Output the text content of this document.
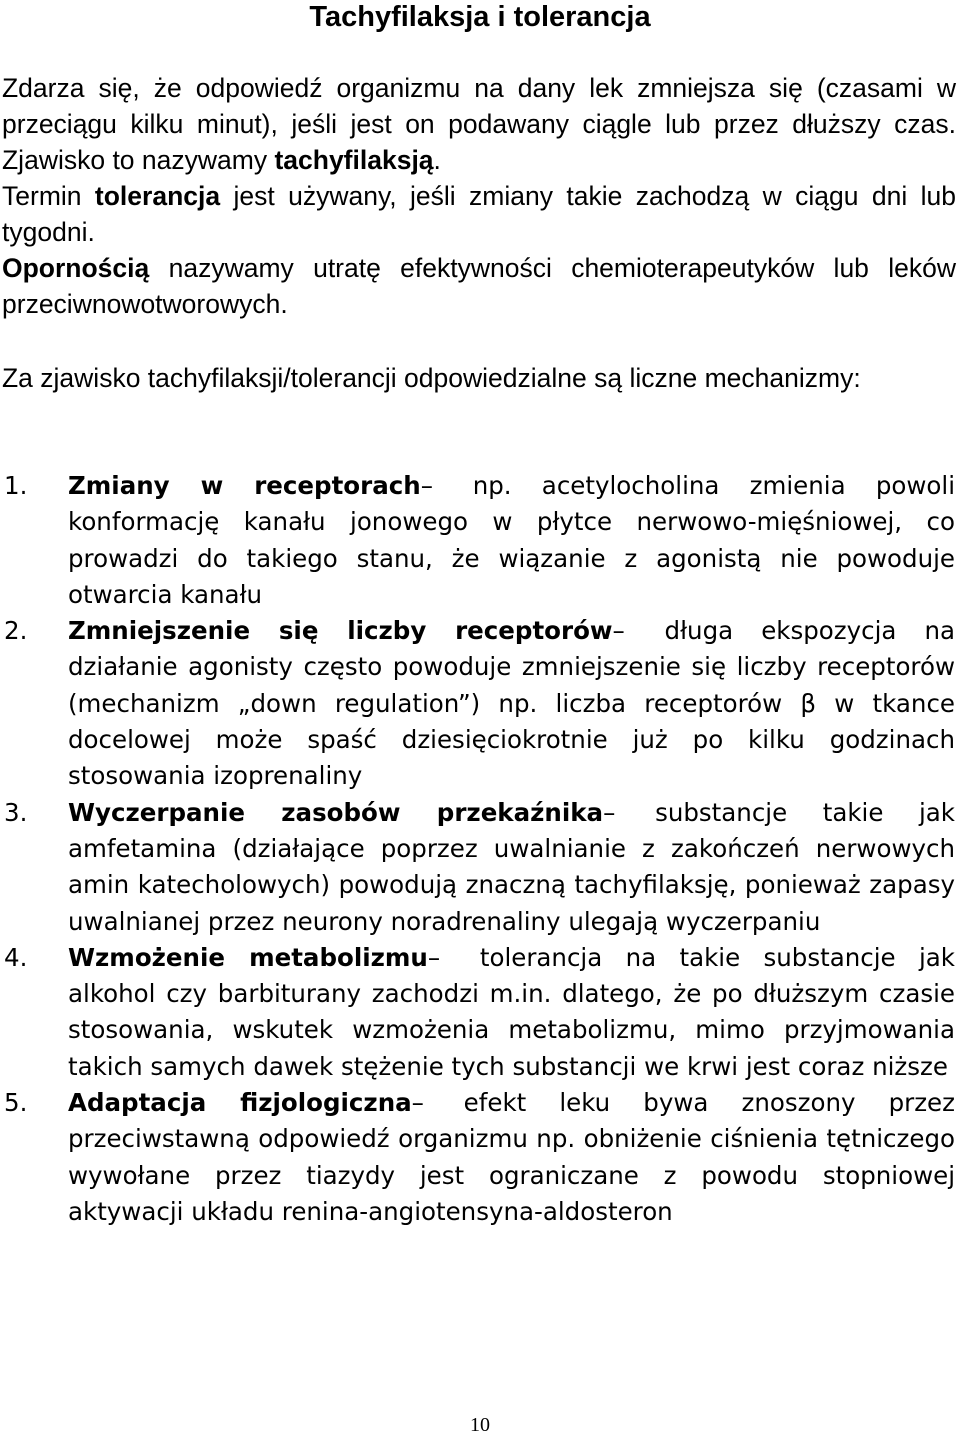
Tachyfilaksja i tolerancja

Zdarza się, że odpowiedź organizmu na dany lek zmniejsza się (czasami w przeciągu kilku minut), jeśli jest on podawany ciągle lub przez dłuższy czas. Zjawisko to nazywamy tachyfilaksją.
Termin tolerancja jest używany, jeśli zmiany takie zachodzą w ciągu dni lub tygodni.

Opornością nazywamy utratę efektywności chemioterapeutyków lub leków przeciwnowotworowych.

Za zjawisko tachyfilaksji/tolerancji odpowiedzialne są liczne mechanizmy:

1. Zmiany w receptorach– np. acetylocholina zmienia powoli konformację kanału jonowego w płytce nerwowo-mięśniowej, co prowadzi do takiego stanu, że wiązanie z agonistą nie powoduje otwarcia kanału
2. Zmniejszenie się liczby receptorów– długa ekspozycja na działanie agonisty często powoduje zmniejszenie się liczby receptorów (mechanizm „down regulation”) np. liczba receptorów β w tkance docelowej może spaść dziesięciokrotnie już po kilku godzinach stosowania izoprenaliny
3. Wyczerpanie zasobów przekaźnika– substancje takie jak amfetamina (działające poprzez uwalnianie z zakończeń nerwowych amin katecholowych) powodują znaczną tachyfilaksję, ponieważ zapasy uwalnianej przez neurony noradrenaliny ulegają wyczerpaniu
4. Wzmożenie metabolizmu– tolerancja na takie substancje jak alkohol czy barbiturany zachodzi m.in. dlatego, że po dłuższym czasie stosowania, wskutek wzmożenia metabolizmu, mimo przyjmowania takich samych dawek stężenie tych substancji we krwi jest coraz niższe
5. Adaptacja fizjologiczna– efekt leku bywa znoszony przez przeciwstawną odpowiedź organizmu np. obniżenie ciśnienia tętniczego wywołane przez tiazydy jest ograniczane z powodu stopniowej aktywacji układu renina-angiotensyna-aldosteron
10
